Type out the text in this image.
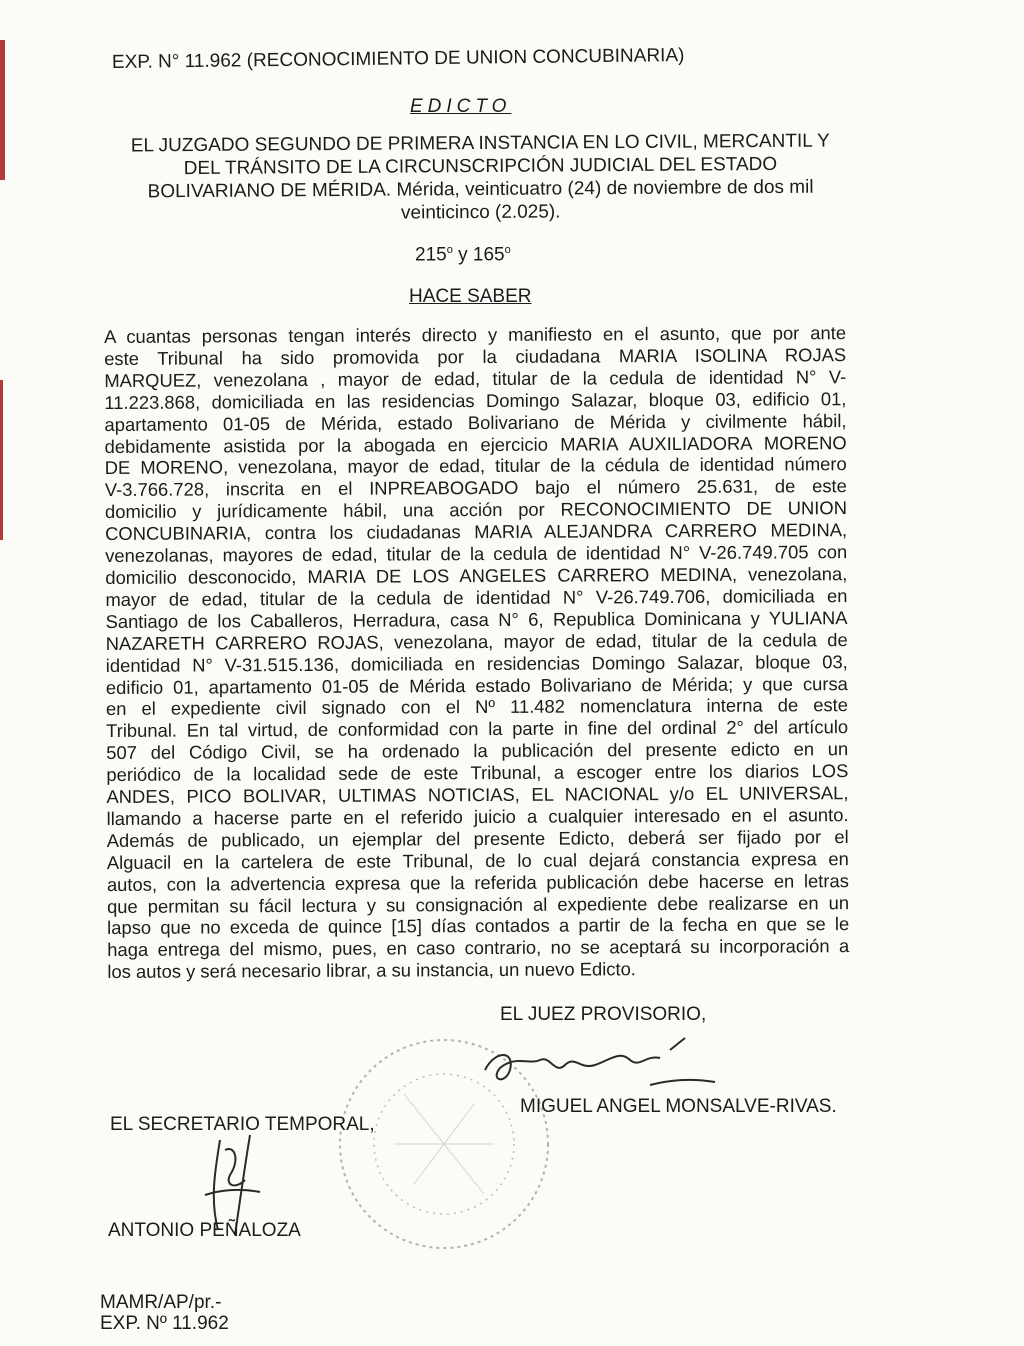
EXP. N° 11.962 (RECONOCIMIENTO DE UNION CONCUBINARIA)
EDICTO
EL JUZGADO SEGUNDO DE PRIMERA INSTANCIA EN LO CIVIL, MERCANTIL Y
DEL TRÁNSITO DE LA CIRCUNSCRIPCIÓN JUDICIAL DEL ESTADO
BOLIVARIANO DE MÉRIDA. Mérida, veinticuatro (24) de noviembre de dos mil
veinticinco (2.025).
215$^o$ y 165$^o$
HACE SABER
A cuantas personas tengan interés directo y manifiesto en el asunto, que por ante
este Tribunal ha sido promovida por la ciudadana MARIA ISOLINA ROJAS
MARQUEZ, venezolana , mayor de edad, titular de la cedula de identidad N° V-
11.223.868, domiciliada en las residencias Domingo Salazar, bloque 03, edificio 01,
apartamento 01-05 de Mérida, estado Bolivariano de Mérida y civilmente hábil,
debidamente asistida por la abogada en ejercicio MARIA AUXILIADORA MORENO
DE MORENO, venezolana, mayor de edad, titular de la cédula de identidad número
V-3.766.728, inscrita en el INPREABOGADO bajo el número 25.631, de este
domicilio y jurídicamente hábil, una acción por RECONOCIMIENTO DE UNION
CONCUBINARIA, contra los ciudadanas MARIA ALEJANDRA CARRERO MEDINA,
venezolanas, mayores de edad, titular de la cedula de identidad N° V-26.749.705 con
domicilio desconocido, MARIA DE LOS ANGELES CARRERO MEDINA, venezolana,
mayor de edad, titular de la cedula de identidad N° V-26.749.706, domiciliada en
Santiago de los Caballeros, Herradura, casa N° 6, Republica Dominicana y YULIANA
NAZARETH CARRERO ROJAS, venezolana, mayor de edad, titular de la cedula de
identidad N° V-31.515.136, domiciliada en residencias Domingo Salazar, bloque 03,
edificio 01, apartamento 01-05 de Mérida estado Bolivariano de Mérida; y que cursa
en el expediente civil signado con el Nº 11.482 nomenclatura interna de este
Tribunal. En tal virtud, de conformidad con la parte in fine del ordinal 2° del artículo
507 del Código Civil, se ha ordenado la publicación del presente edicto en un
periódico de la localidad sede de este Tribunal, a escoger entre los diarios LOS
ANDES, PICO BOLIVAR, ULTIMAS NOTICIAS, EL NACIONAL y/o EL UNIVERSAL,
llamando a hacerse parte en el referido juicio a cualquier interesado en el asunto.
Además de publicado, un ejemplar del presente Edicto, deberá ser fijado por el
Alguacil en la cartelera de este Tribunal, de lo cual dejará constancia expresa en
autos, con la advertencia expresa que la referida publicación debe hacerse en letras
que permitan su fácil lectura y su consignación al expediente debe realizarse en un
lapso que no exceda de quince [15] días contados a partir de la fecha en que se le
haga entrega del mismo, pues, en caso contrario, no se aceptará su incorporación a
los autos y será necesario librar, a su instancia, un nuevo Edicto.
EL JUEZ PROVISORIO,
MIGUEL ANGEL MONSALVE-RIVAS.
EL SECRETARIO TEMPORAL,
ANTONIO PEÑALOZA
MAMR/AP/pr.-
EXP. Nº 11.962
